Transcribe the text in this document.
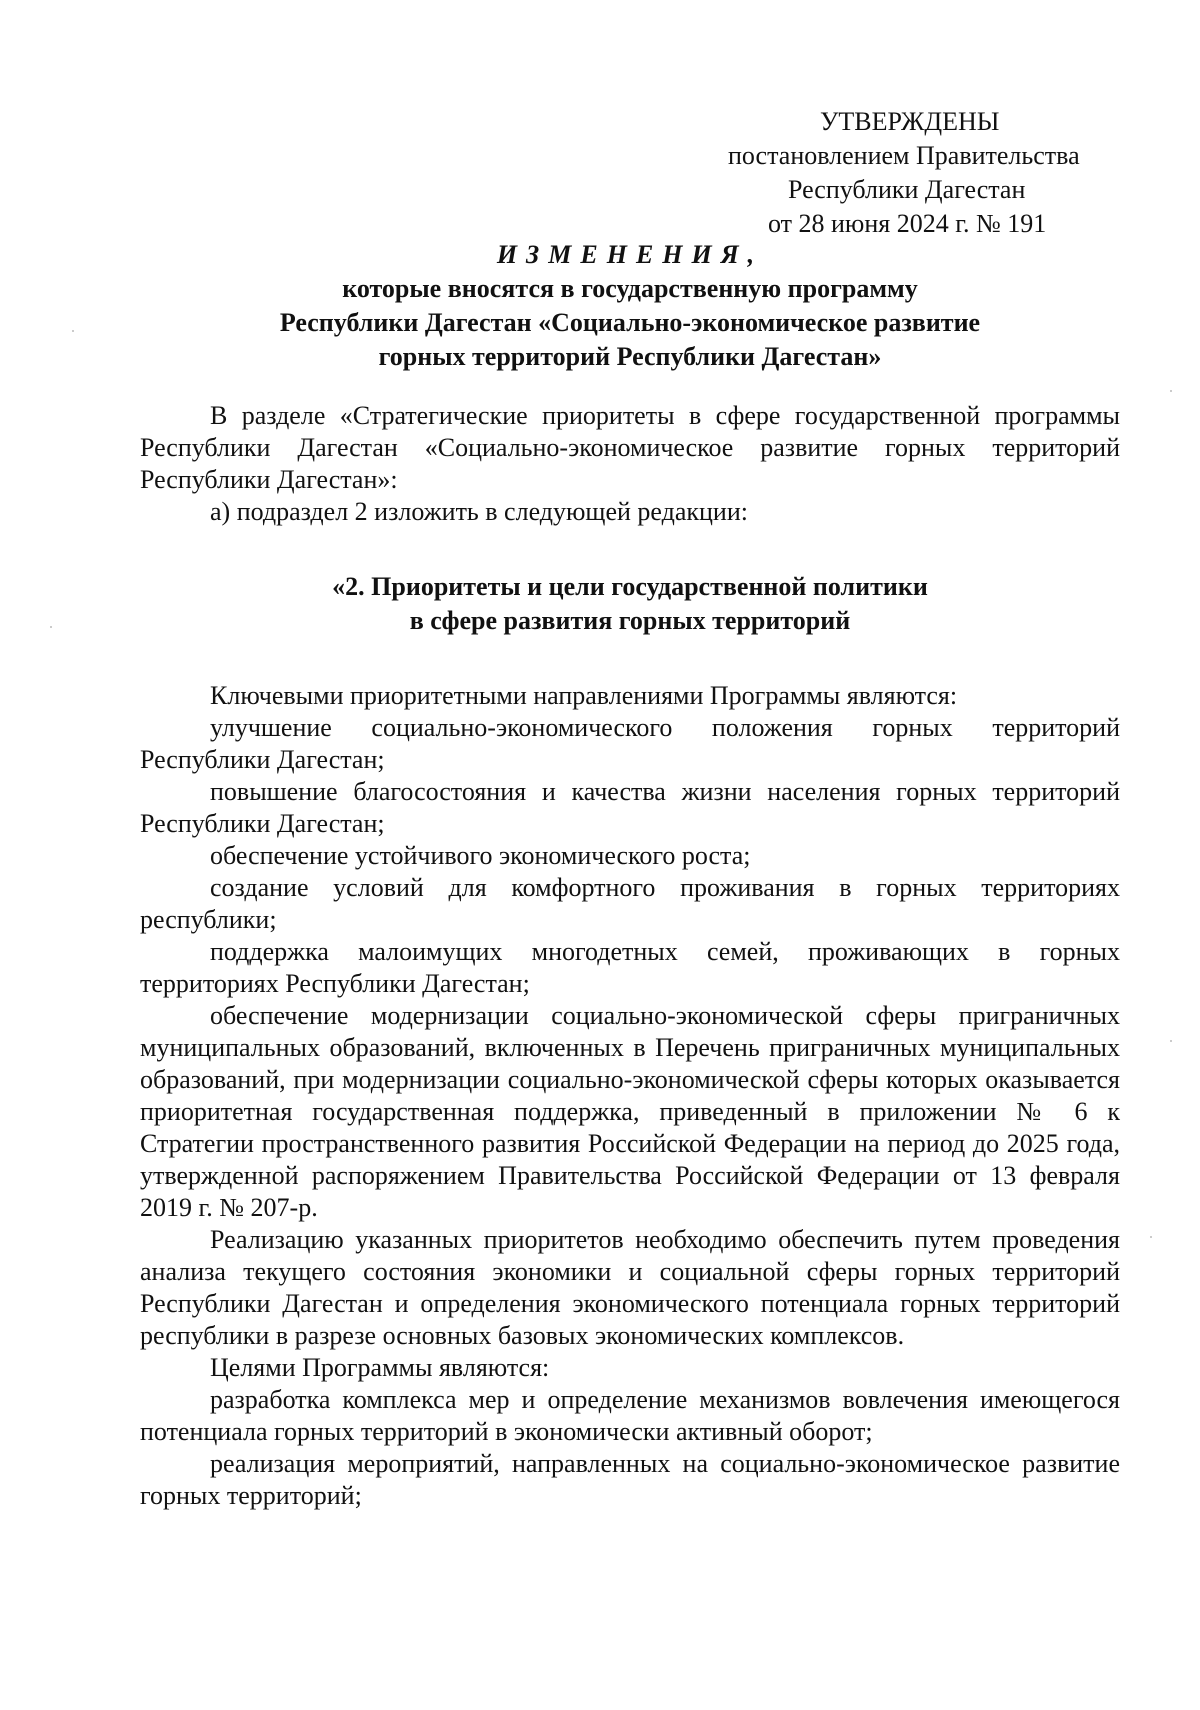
УТВЕРЖДЕНЫ
постановлением Правительства
Республики Дагестан
от 28 июня 2024 г. № 191
ИЗМЕНЕНИЯ,
которые вносятся в государственную программу
Республики Дагестан «Социально-экономическое развитие
горных территорий Республики Дагестан»

В разделе «Стратегические приоритеты в сфере государственной программы Республики Дагестан «Социально-экономическое развитие горных территорий Республики Дагестан»:

а) подраздел 2 изложить в следующей редакции:

«2. Приоритеты и цели государственной политики
в сфере развития горных территорий

Ключевыми приоритетными направлениями Программы являются:

улучшение социально-экономического положения горных территорий Республики Дагестан;

повышение благосостояния и качества жизни населения горных территорий Республики Дагестан;

обеспечение устойчивого экономического роста;

создание условий для комфортного проживания в горных территориях республики;

поддержка малоимущих многодетных семей, проживающих в горных территориях Республики Дагестан;

обеспечение модернизации социально-экономической сферы приграничных муниципальных образований, включенных в Перечень приграничных муниципальных образований, при модернизации социально-экономической сферы которых оказывается приоритетная государственная поддержка, приведенный в приложении № 6 к Стратегии пространственного развития Российской Федерации на период до 2025 года, утвержденной распоряжением Правительства Российской Федерации от 13 февраля 2019 г. № 207-р.

Реализацию указанных приоритетов необходимо обеспечить путем проведения анализа текущего состояния экономики и социальной сферы горных территорий Республики Дагестан и определения экономического потенциала горных территорий республики в разрезе основных базовых экономических комплексов.

Целями Программы являются:

разработка комплекса мер и определение механизмов вовлечения имеющегося потенциала горных территорий в экономически активный оборот;

реализация мероприятий, направленных на социально-экономическое развитие горных территорий;
